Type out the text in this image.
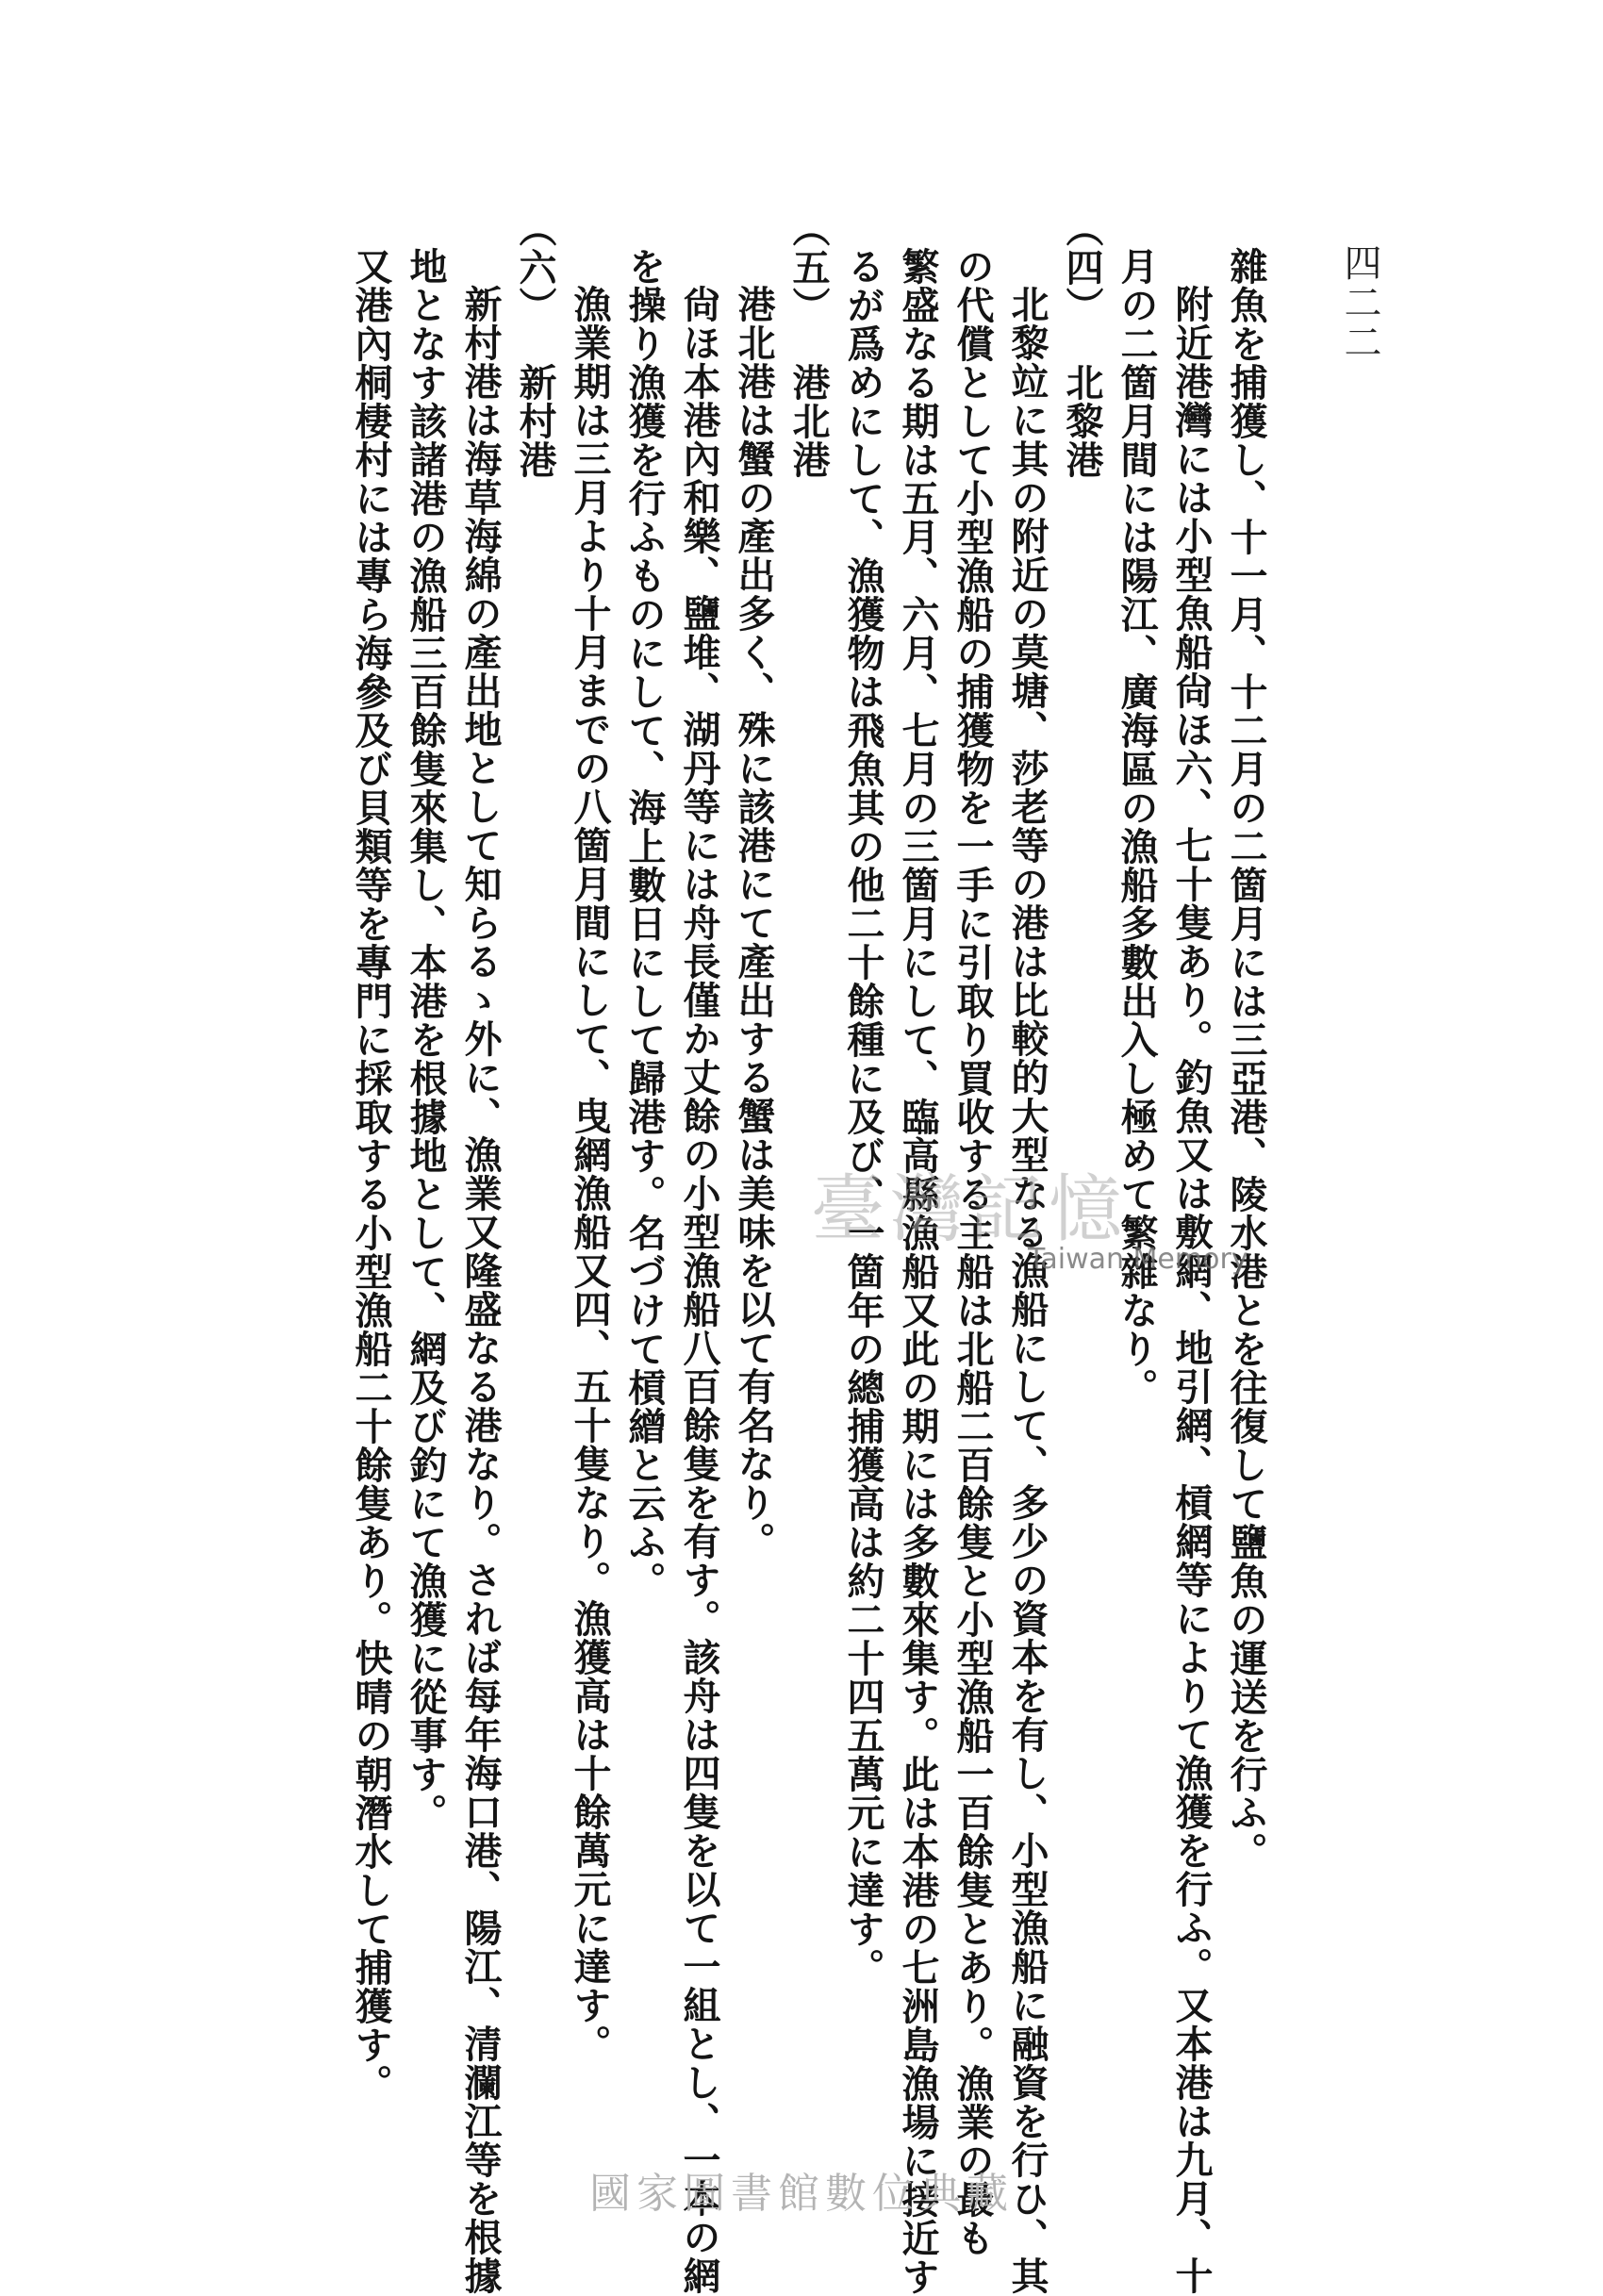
四二二
雜魚を捕獲し、十一月、十二月の二箇月には三亞港、陵水港とを往復して鹽魚の運送を行ふ。
附近港灣には小型魚船尙ほ六、七十隻あり。釣魚又は敷網、地引網、槓網等によりて漁獲を行ふ。又本港は九月、十
月の二箇月間には陽江、廣海區の漁船多數出入し極めて繁雜なり。
（四）北黎港
北黎竝に其の附近の莫塘、莎老等の港は比較的大型なる漁船にして、多少の資本を有し、小型漁船に融資を行ひ、其
の代償として小型漁船の捕獲物を一手に引取り買收する主船は北船二百餘隻と小型漁船一百餘隻とあり。漁業の最も
繁盛なる期は五月、六月、七月の三箇月にして、臨高縣漁船又此の期には多數來集す。此は本港の七洲島漁場に接近す
るが爲めにして、漁獲物は飛魚其の他二十餘種に及び、一箇年の總捕獲高は約二十四五萬元に達す。
（五）港北港
港北港は蟹の產出多く、殊に該港にて產出する蟹は美味を以て有名なり。
尙ほ本港內和樂、鹽堆、湖丹等には舟長僅か丈餘の小型漁船八百餘隻を有す。該舟は四隻を以て一組とし、一本の網
を操り漁獲を行ふものにして、海上數日にして歸港す。名づけて槓繒と云ふ。
漁業期は三月より十月までの八箇月間にして、曳網漁船又四、五十隻なり。漁獲高は十餘萬元に達す。
（六）新村港
新村港は海草海綿の產出地として知らるゝ外に、漁業又隆盛なる港なり。されば每年海口港、陽江、清瀾江等を根據
地となす該諸港の漁船三百餘隻來集し、本港を根據地として、網及び釣にて漁獲に從事す。
又港內桐棲村には專ら海參及び貝類等を專門に採取する小型漁船二十餘隻あり。快晴の朝潛水して捕獲す。	臺灣記憶
Taiwan Memory
國家圖書館數位典藏
